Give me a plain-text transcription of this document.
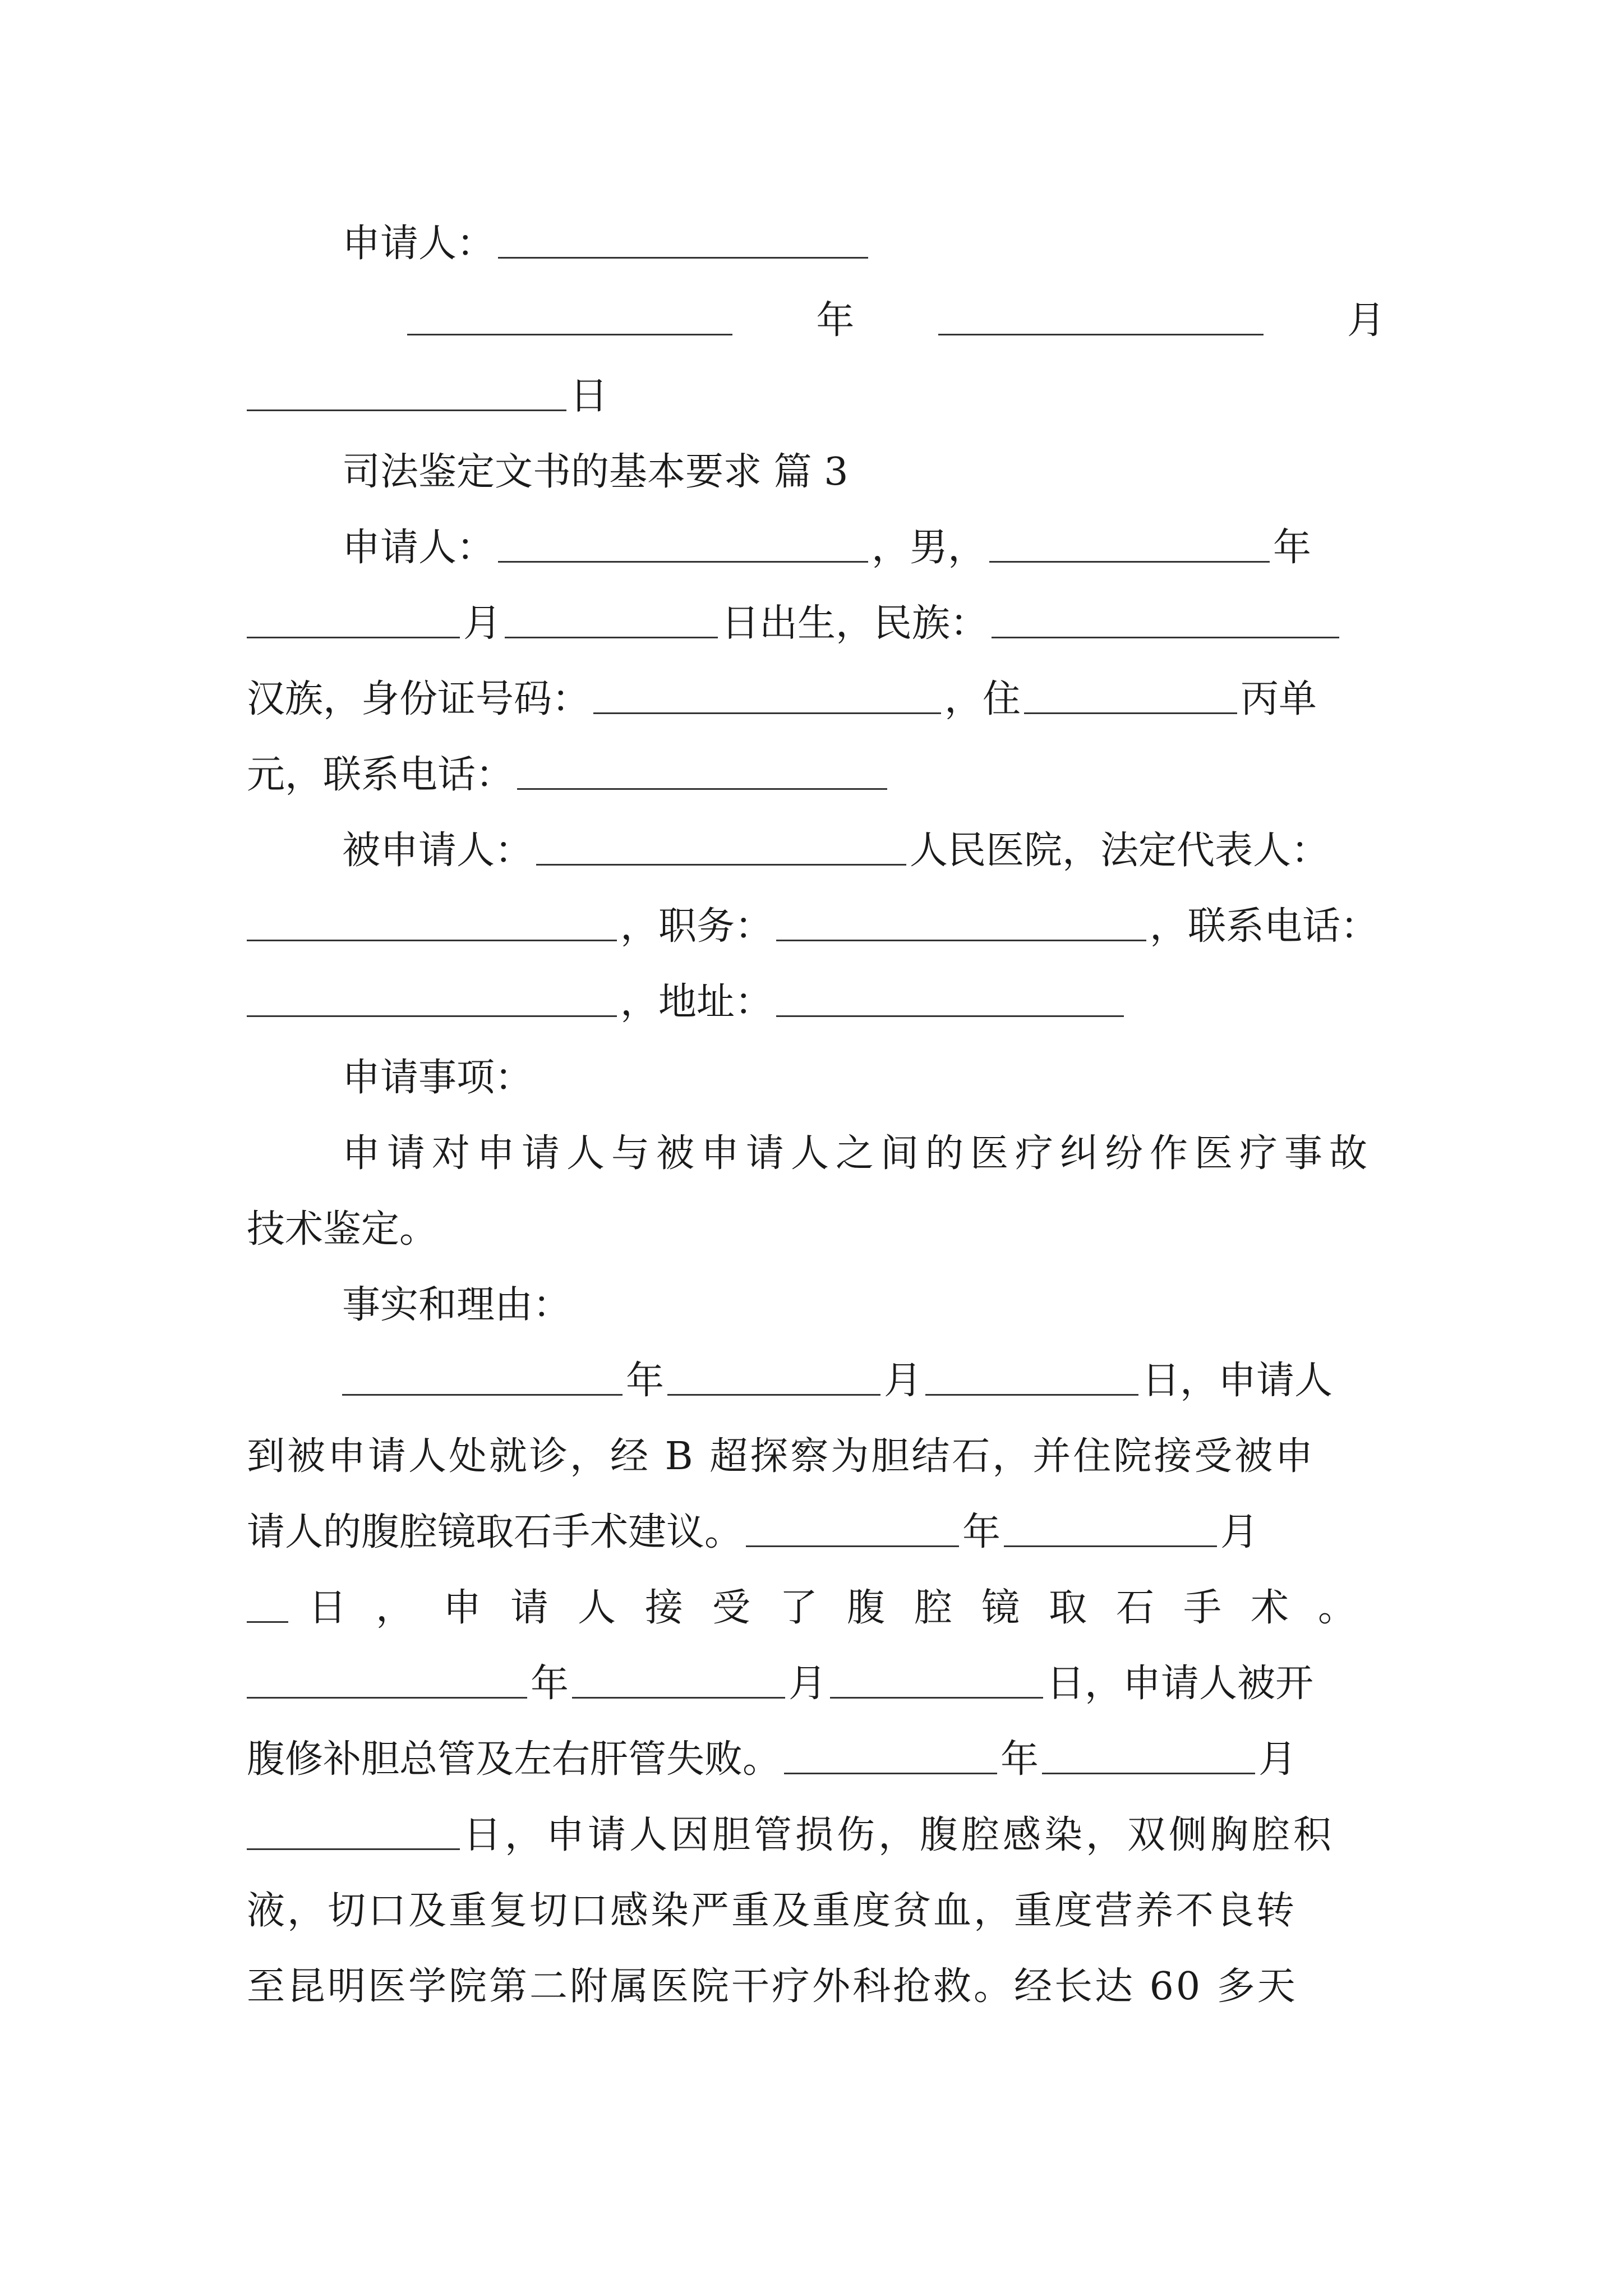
申请人：
年	月
日
司法鉴定文书的基本要求 篇 3
申请人：	，男，	年
月	日出生，民族：
汉族，身份证号码：	，住	丙单
元，联系电话：
被申请人：	人民医院，法定代表人：
，职务：	，联系电话：
，地址：
申请事项：
申请对申请人与被申请人之间的医疗纠纷作医疗事故
技术鉴定。
事实和理由：
年	月	日，申请人
到被申请人处就诊，经 B 超探察为胆结石，并住院接受被申
请人的腹腔镜取石手术建议。	年	月
日，申请人接受了腹腔镜取石手术。
年	月	日，申请人被开
腹修补胆总管及左右肝管失败。	年	月
日，申请人因胆管损伤，腹腔感染，双侧胸腔积
液，切口及重复切口感染严重及重度贫血，重度营养不良转
至昆明医学院第二附属医院干疗外科抢救。经长达 60 多天
